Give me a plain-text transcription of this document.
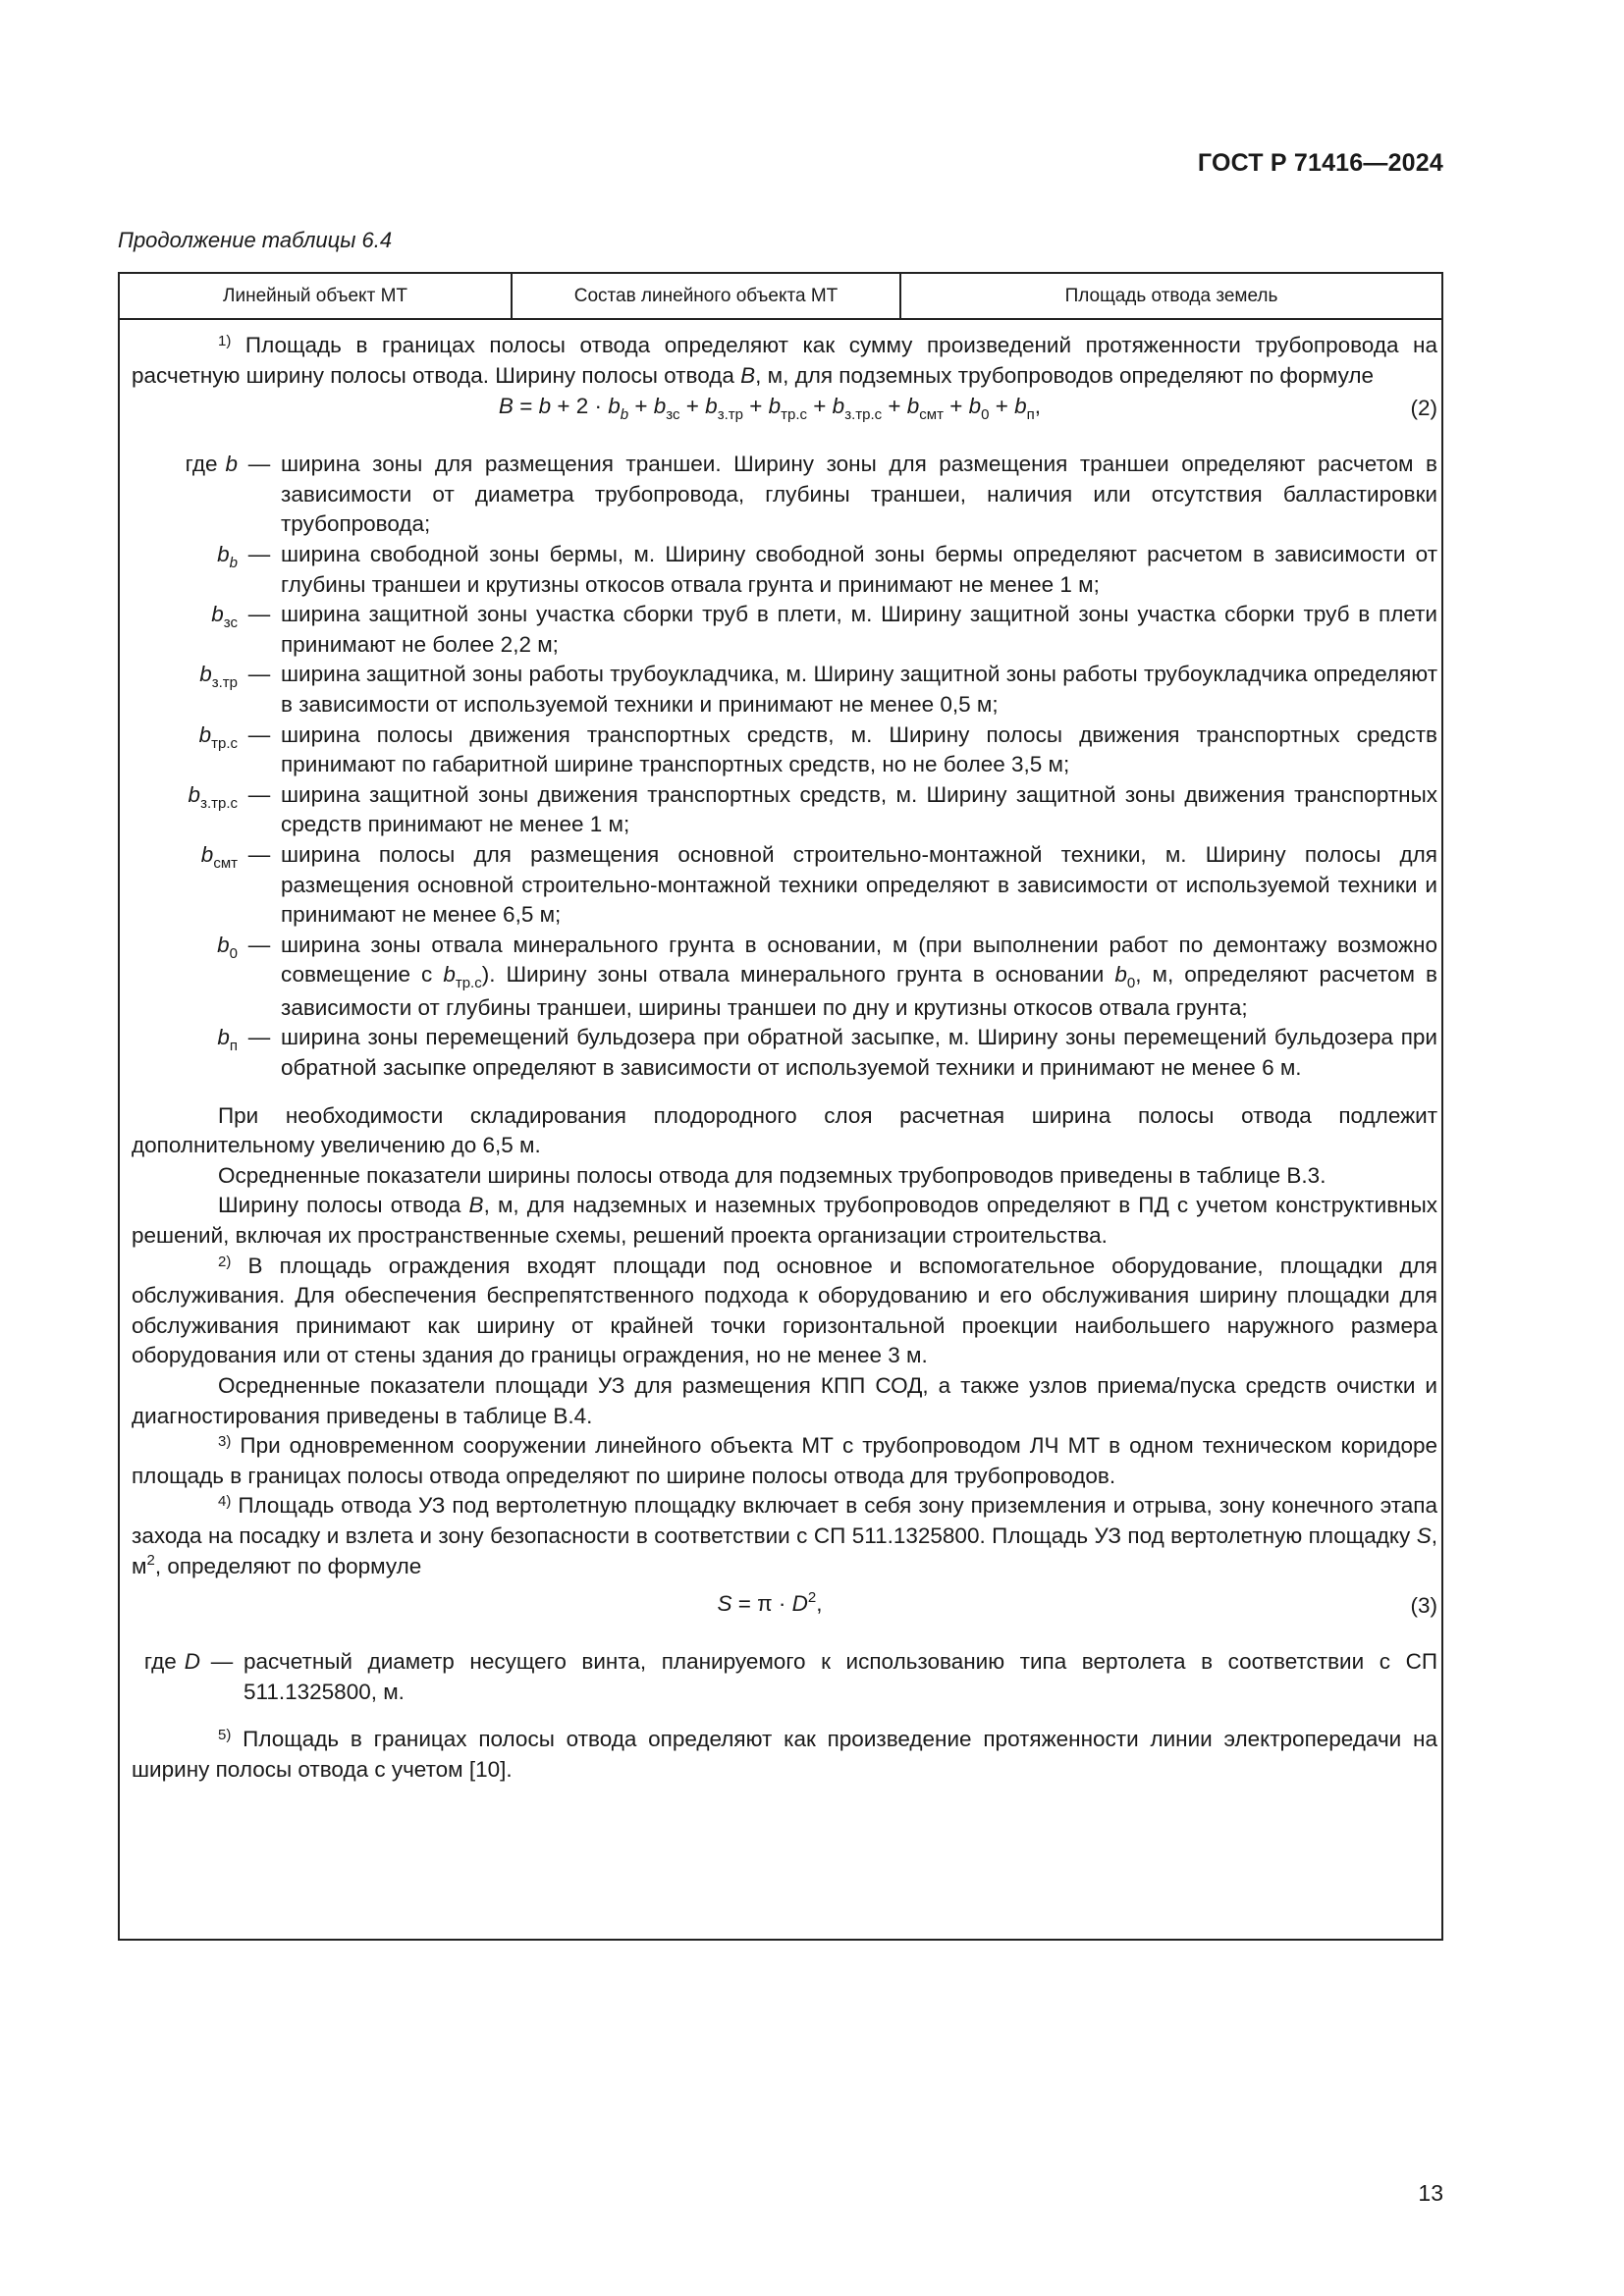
ГОСТ Р 71416—2024
Продолжение таблицы 6.4
Линейный объект МТ	Состав линейного объекта МТ	Площадь отвода земель

$^{1)}$ Площадь в границах полосы отвода определяют как сумму произведений протяженности трубопровода на расчетную ширину полосы отвода. Ширину полосы отвода B, м, для подземных трубопроводов определяют по формуле

$B = b + 2 \cdot b_b + b_{зс} + b_{з.тр} + b_{тр.с} + b_{з.тр.с} + b_{смт} + b_0 + b_п$,	(2)
где b — ширина зоны для размещения траншеи. Ширину зоны для размещения траншеи определяют расчетом в зависимости от диаметра трубопровода, глубины траншеи, наличия или отсутствия балластировки трубопровода;
$b_b$ — ширина свободной зоны бермы, м. Ширину свободной зоны бермы определяют расчетом в зависимости от глубины траншеи и крутизны откосов отвала грунта и принимают не менее 1 м;
$b_{зс}$ — ширина защитной зоны участка сборки труб в плети, м. Ширину защитной зоны участка сборки труб в плети принимают не более 2,2 м;
$b_{з.тр}$ — ширина защитной зоны работы трубоукладчика, м. Ширину защитной зоны работы трубоукладчика определяют в зависимости от используемой техники и принимают не менее 0,5 м;
$b_{тр.с}$ — ширина полосы движения транспортных средств, м. Ширину полосы движения транспортных средств принимают по габаритной ширине транспортных средств, но не более 3,5 м;
$b_{з.тр.с}$ — ширина защитной зоны движения транспортных средств, м. Ширину защитной зоны движения транспортных средств принимают не менее 1 м;
$b_{смт}$ — ширина полосы для размещения основной строительно-монтажной техники, м. Ширину полосы для размещения основной строительно-монтажной техники определяют в зависимости от используемой техники и принимают не менее 6,5 м;
$b_0$ — ширина зоны отвала минерального грунта в основании, м (при выполнении работ по демонтажу возможно совмещение с $b_{тр.с}$). Ширину зоны отвала минерального грунта в основании $b_0$, м, определяют расчетом в зависимости от глубины траншеи, ширины траншеи по дну и крутизны откосов отвала грунта;
$b_п$ — ширина зоны перемещений бульдозера при обратной засыпке, м. Ширину зоны перемещений бульдозера при обратной засыпке определяют в зависимости от используемой техники и принимают не менее 6 м.

При необходимости складирования плодородного слоя расчетная ширина полосы отвода подлежит дополнительному увеличению до 6,5 м.

Осредненные показатели ширины полосы отвода для подземных трубопроводов приведены в таблице В.3.

Ширину полосы отвода B, м, для надземных и наземных трубопроводов определяют в ПД с учетом конструктивных решений, включая их пространственные схемы, решений проекта организации строительства.

$^{2)}$ В площадь ограждения входят площади под основное и вспомогательное оборудование, площадки для обслуживания. Для обеспечения беспрепятственного подхода к оборудованию и его обслуживания ширину площадки для обслуживания принимают как ширину от крайней точки горизонтальной проекции наибольшего наружного размера оборудования или от стены здания до границы ограждения, но не менее 3 м.

Осредненные показатели площади УЗ для размещения КПП СОД, а также узлов приема/пуска средств очистки и диагностирования приведены в таблице В.4.

$^{3)}$ При одновременном сооружении линейного объекта МТ с трубопроводом ЛЧ МТ в одном техническом коридоре площадь в границах полосы отвода определяют по ширине полосы отвода для трубопроводов.

$^{4)}$ Площадь отвода УЗ под вертолетную площадку включает в себя зону приземления и отрыва, зону конечного этапа захода на посадку и взлета и зону безопасности в соответствии с СП 511.1325800. Площадь УЗ под вертолетную площадку S, $м^2$, определяют по формуле

$S = \pi \cdot D^2$,	(3)
где D — расчетный диаметр несущего винта, планируемого к использованию типа вертолета в соответствии с СП 511.1325800, м.

$^{5)}$ Площадь в границах полосы отвода определяют как произведение протяженности линии электропередачи на ширину полосы отвода с учетом [10].

13
